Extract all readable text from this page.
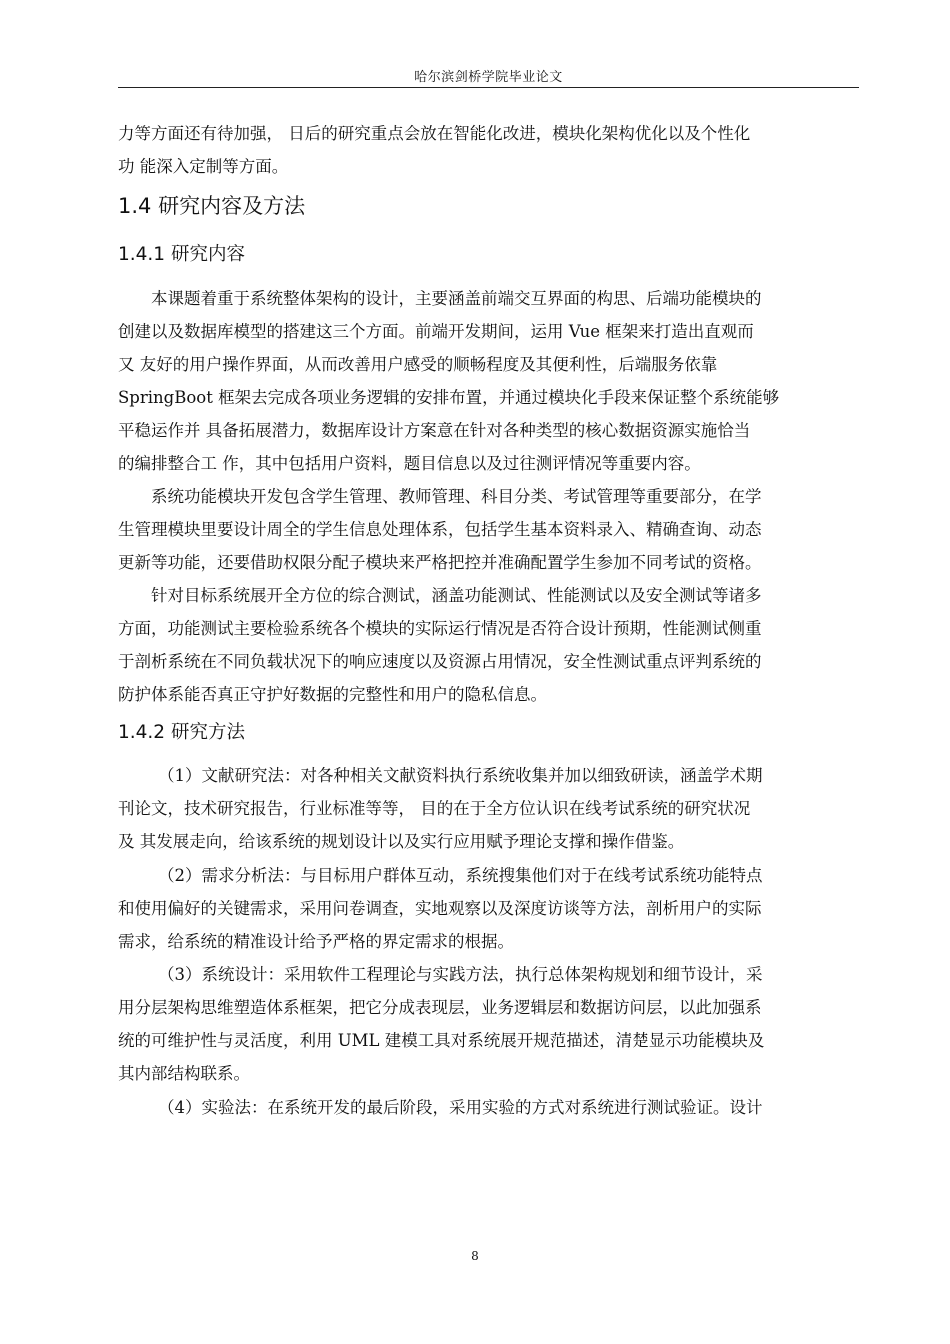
哈尔滨剑桥学院毕业论文
力等方面还有待加强， 日后的研究重点会放在智能化改进，模块化架构优化以及个性化
功 能深入定制等方面。
1.4 研究内容及方法
1.4.1 研究内容
本课题着重于系统整体架构的设计，主要涵盖前端交互界面的构思、后端功能模块的
创建以及数据库模型的搭建这三个方面。前端开发期间，运用 Vue 框架来打造出直观而
又 友好的用户操作界面，从而改善用户感受的顺畅程度及其便利性，后端服务依靠
SpringBoot 框架去完成各项业务逻辑的安排布置，并通过模块化手段来保证整个系统能够
平稳运作并 具备拓展潜力，数据库设计方案意在针对各种类型的核心数据资源实施恰当
的编排整合工 作，其中包括用户资料，题目信息以及过往测评情况等重要内容。
系统功能模块开发包含学生管理、教师管理、科目分类、考试管理等重要部分，在学
生管理模块里要设计周全的学生信息处理体系，包括学生基本资料录入、精确查询、动态
更新等功能，还要借助权限分配子模块来严格把控并准确配置学生参加不同考试的资格。
针对目标系统展开全方位的综合测试，涵盖功能测试、性能测试以及安全测试等诸多
方面，功能测试主要检验系统各个模块的实际运行情况是否符合设计预期，性能测试侧重
于剖析系统在不同负载状况下的响应速度以及资源占用情况，安全性测试重点评判系统的
防护体系能否真正守护好数据的完整性和用户的隐私信息。
1.4.2 研究方法
（1）文献研究法：对各种相关文献资料执行系统收集并加以细致研读，涵盖学术期
刊论文，技术研究报告，行业标准等等， 目的在于全方位认识在线考试系统的研究状况
及 其发展走向，给该系统的规划设计以及实行应用赋予理论支撑和操作借鉴。
（2）需求分析法：与目标用户群体互动，系统搜集他们对于在线考试系统功能特点
和使用偏好的关键需求，采用问卷调查，实地观察以及深度访谈等方法，剖析用户的实际
需求，给系统的精准设计给予严格的界定需求的根据。
（3）系统设计：采用软件工程理论与实践方法，执行总体架构规划和细节设计，采
用分层架构思维塑造体系框架，把它分成表现层，业务逻辑层和数据访问层，以此加强系
统的可维护性与灵活度，利用 UML 建模工具对系统展开规范描述，清楚显示功能模块及
其内部结构联系。
（4）实验法：在系统开发的最后阶段，采用实验的方式对系统进行测试验证。设计
8
